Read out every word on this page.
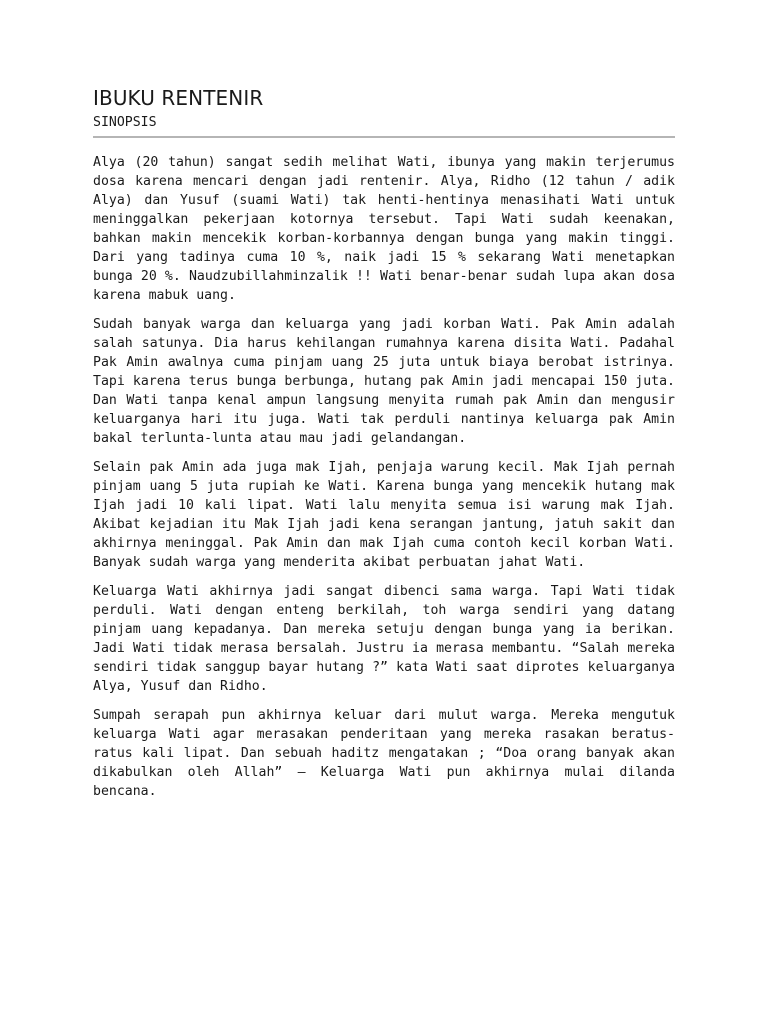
IBUKU RENTENIR
SINOPSIS

Alya (20 tahun) sangat sedih melihat Wati, ibunya yang makin terjerumus dosa karena mencari dengan jadi rentenir. Alya, Ridho (12 tahun / adik Alya) dan Yusuf (suami Wati) tak henti-hentinya menasihati Wati untuk meninggalkan pekerjaan kotornya tersebut. Tapi Wati sudah keenakan, bahkan makin mencekik korban-korbannya dengan bunga yang makin tinggi. Dari yang tadinya cuma 10 %, naik jadi 15 % sekarang Wati menetapkan bunga 20 %. Naudzubillahminzalik !! Wati benar-benar sudah lupa akan dosa karena mabuk uang.

Sudah banyak warga dan keluarga yang jadi korban Wati. Pak Amin adalah salah satunya. Dia harus kehilangan rumahnya karena disita Wati. Padahal Pak Amin awalnya cuma pinjam uang 25 juta untuk biaya berobat istrinya. Tapi karena terus bunga berbunga, hutang pak Amin jadi mencapai 150 juta. Dan Wati tanpa kenal ampun langsung menyita rumah pak Amin dan mengusir keluarganya hari itu juga. Wati tak perduli nantinya keluarga pak Amin bakal terlunta-lunta atau mau jadi gelandangan.

Selain pak Amin ada juga mak Ijah, penjaja warung kecil. Mak Ijah pernah pinjam uang 5 juta rupiah ke Wati. Karena bunga yang mencekik hutang mak Ijah jadi 10 kali lipat. Wati lalu menyita semua isi warung mak Ijah. Akibat kejadian itu Mak Ijah jadi kena serangan jantung, jatuh sakit dan akhirnya meninggal. Pak Amin dan mak Ijah cuma contoh kecil korban Wati. Banyak sudah warga yang menderita akibat perbuatan jahat Wati.

Keluarga Wati akhirnya jadi sangat dibenci sama warga. Tapi Wati tidak perduli. Wati dengan enteng berkilah, toh warga sendiri yang datang pinjam uang kepadanya. Dan mereka setuju dengan bunga yang ia berikan. Jadi Wati tidak merasa bersalah. Justru ia merasa membantu. “Salah mereka sendiri tidak sanggup bayar hutang ?” kata Wati saat diprotes keluarganya Alya, Yusuf dan Ridho.

Sumpah serapah pun akhirnya keluar dari mulut warga. Mereka mengutuk keluarga Wati agar merasakan penderitaan yang mereka rasakan beratus-ratus kali lipat. Dan sebuah haditz mengatakan ; “Doa orang banyak akan dikabulkan oleh Allah” – Keluarga Wati pun akhirnya mulai dilanda bencana.
